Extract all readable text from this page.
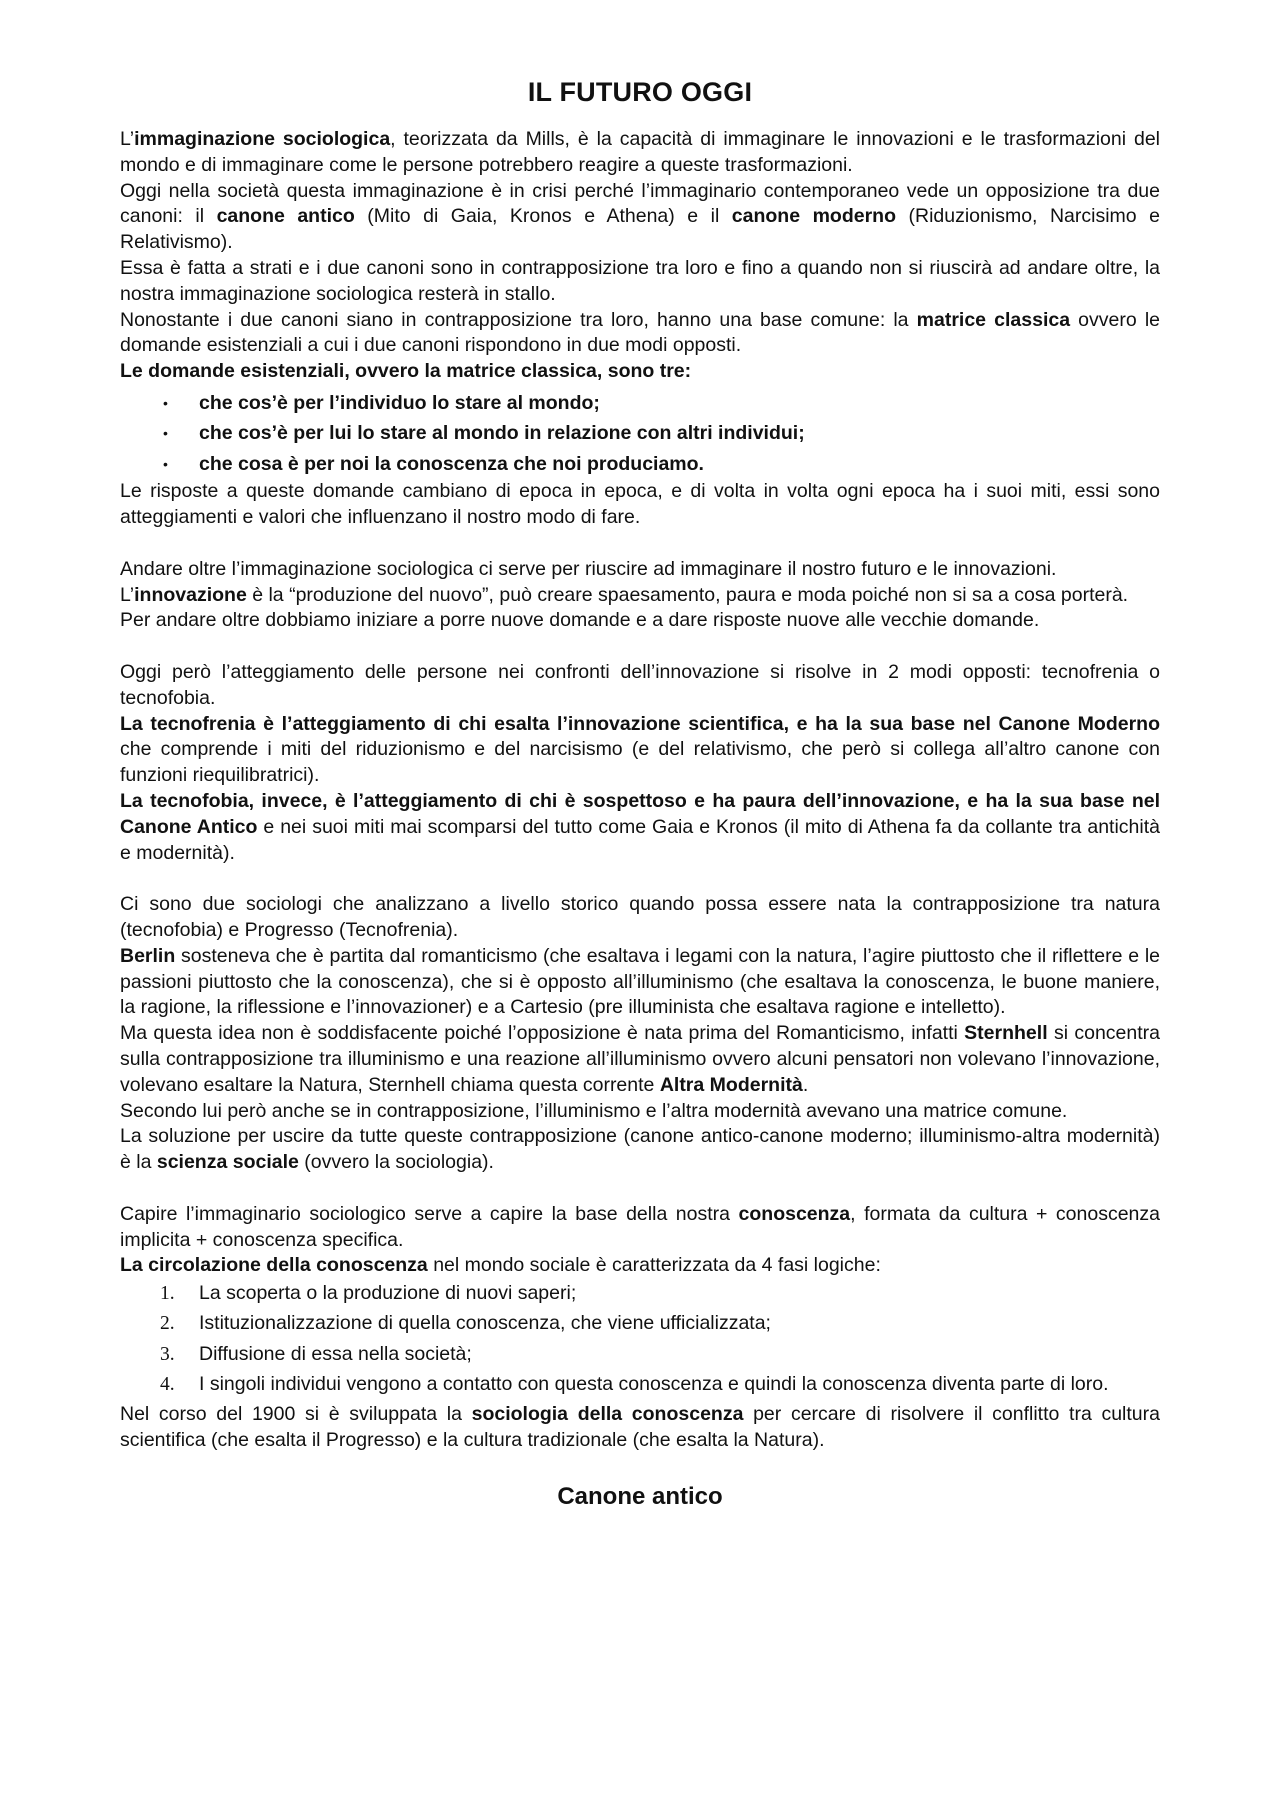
IL FUTURO OGGI

L’immaginazione sociologica, teorizzata da Mills, è la capacità di immaginare le innovazioni e le trasformazioni del mondo e di immaginare come le persone potrebbero reagire a queste trasformazioni.

Oggi nella società questa immaginazione è in crisi perché l’immaginario contemporaneo vede un opposizione tra due canoni: il canone antico (Mito di Gaia, Kronos e Athena) e il canone moderno (Riduzionismo, Narcisimo e Relativismo).

Essa è fatta a strati e i due canoni sono in contrapposizione tra loro e fino a quando non si riuscirà ad andare oltre, la nostra immaginazione sociologica resterà in stallo.

Nonostante i due canoni siano in contrapposizione tra loro, hanno una base comune: la matrice classica ovvero le domande esistenziali a cui i due canoni rispondono in due modi opposti.

Le domande esistenziali, ovvero la matrice classica, sono tre:

• che cos’è per l’individuo lo stare al mondo;
• che cos’è per lui lo stare al mondo in relazione con altri individui;
• che cosa è per noi la conoscenza che noi produciamo.

Le risposte a queste domande cambiano di epoca in epoca, e di volta in volta ogni epoca ha i suoi miti, essi sono atteggiamenti e valori che influenzano il nostro modo di fare.

Andare oltre l’immaginazione sociologica ci serve per riuscire ad immaginare il nostro futuro e le innovazioni.

L’innovazione è la “produzione del nuovo”, può creare spaesamento, paura e moda poiché non si sa a cosa porterà.

Per andare oltre dobbiamo iniziare a porre nuove domande e a dare risposte nuove alle vecchie domande.

Oggi però l’atteggiamento delle persone nei confronti dell’innovazione si risolve in 2 modi opposti: tecnofrenia o tecnofobia.

La tecnofrenia è l’atteggiamento di chi esalta l’innovazione scientifica, e ha la sua base nel Canone Moderno che comprende i miti del riduzionismo e del narcisismo (e del relativismo, che però si collega all’altro canone con funzioni riequilibratrici).

La tecnofobia, invece, è l’atteggiamento di chi è sospettoso e ha paura dell’innovazione, e ha la sua base nel Canone Antico e nei suoi miti mai scomparsi del tutto come Gaia e Kronos (il mito di Athena fa da collante tra antichità e modernità).

Ci sono due sociologi che analizzano a livello storico quando possa essere nata la contrapposizione tra natura (tecnofobia) e Progresso (Tecnofrenia).

Berlin sosteneva che è partita dal romanticismo (che esaltava i legami con la natura, l’agire piuttosto che il riflettere e le passioni piuttosto che la conoscenza), che si è opposto all’illuminismo (che esaltava la conoscenza, le buone maniere, la ragione, la riflessione e l’innovazioner) e a Cartesio (pre illuminista che esaltava ragione e intelletto).

Ma questa idea non è soddisfacente poiché l’opposizione è nata prima del Romanticismo, infatti Sternhell si concentra sulla contrapposizione tra illuminismo e una reazione all’illuminismo ovvero alcuni pensatori non volevano l’innovazione, volevano esaltare la Natura, Sternhell chiama questa corrente Altra Modernità.

Secondo lui però anche se in contrapposizione, l’illuminismo e l’altra modernità avevano una matrice comune.

La soluzione per uscire da tutte queste contrapposizione (canone antico-canone moderno; illuminismo-altra modernità) è la scienza sociale (ovvero la sociologia).

Capire l’immaginario sociologico serve a capire la base della nostra conoscenza, formata da cultura + conoscenza implicita + conoscenza specifica.

La circolazione della conoscenza nel mondo sociale è caratterizzata da 4 fasi logiche:

1. La scoperta o la produzione di nuovi saperi;
2. Istituzionalizzazione di quella conoscenza, che viene ufficializzata;
3. Diffusione di essa nella società;
4. I singoli individui vengono a contatto con questa conoscenza e quindi la conoscenza diventa parte di loro.

Nel corso del 1900 si è sviluppata la sociologia della conoscenza per cercare di risolvere il conflitto tra cultura scientifica (che esalta il Progresso) e la cultura tradizionale (che esalta la Natura).

Canone antico
